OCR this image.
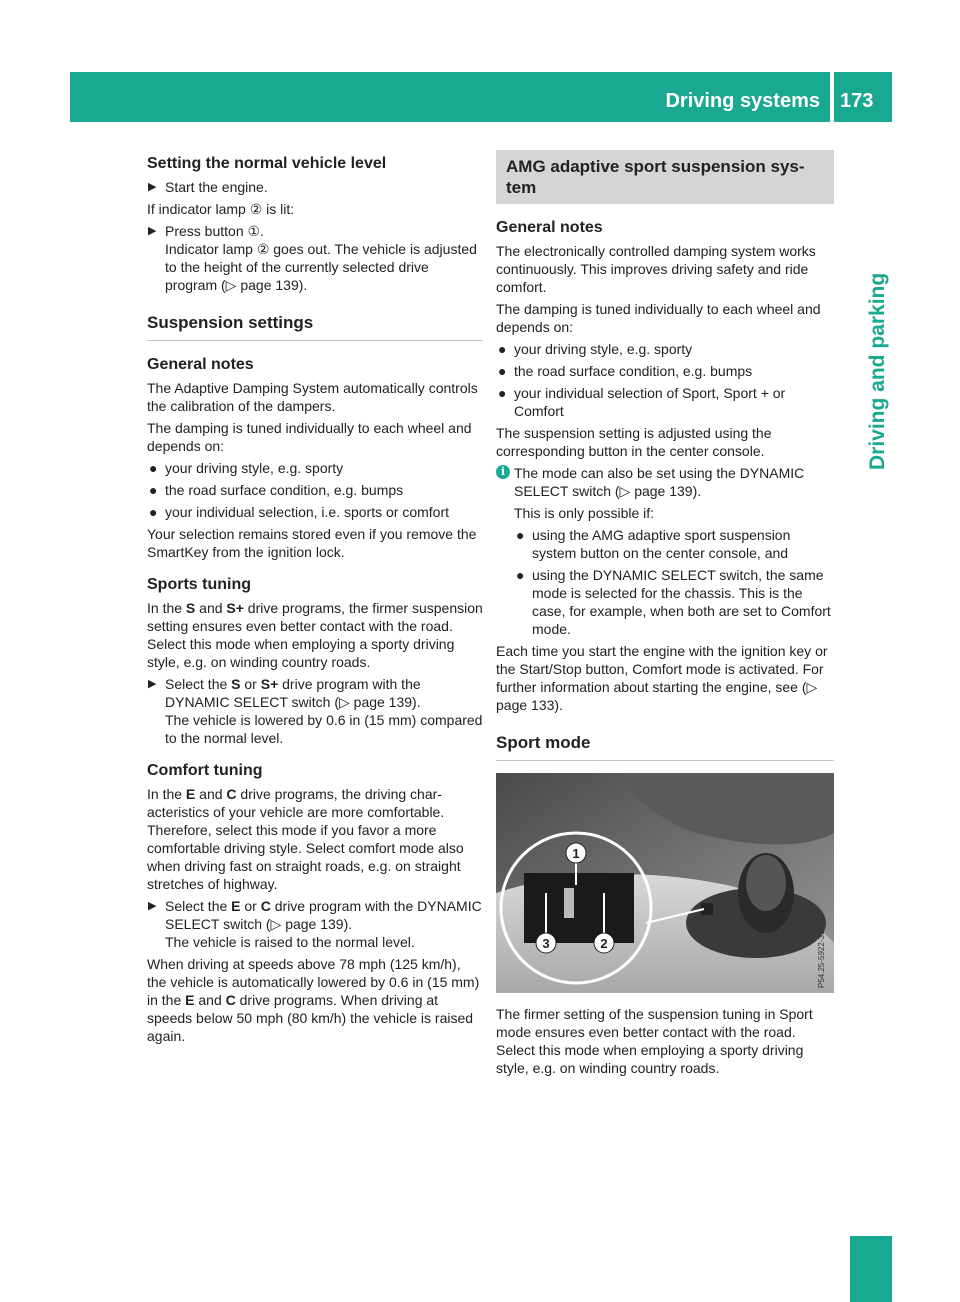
Driving systems 173
Driving and parking
Setting the normal vehicle level
▶ Start the engine.

If indicator lamp ② is lit:

▶ Press button ①.
Indicator lamp ② goes out. The vehicle is adjusted to the height of the currently selected drive program (▷ page 139).
Suspension settings
General notes

The Adaptive Damping System automatically controls the calibration of the dampers.

The damping is tuned individually to each wheel and depends on:

● your driving style, e.g. sporty
● the road surface condition, e.g. bumps
● your individual selection, i.e. sports or comfort

Your selection remains stored even if you remove the SmartKey from the ignition lock.

Sports tuning

In the S and S+ drive programs, the firmer suspension setting ensures even better contact with the road. Select this mode when employing a sporty driving style, e.g. on winding country roads.

▶ Select the S or S+ drive program with the DYNAMIC SELECT switch (▷ page 139).
The vehicle is lowered by 0.6 in (15 mm) compared to the normal level.
Comfort tuning

In the E and C drive programs, the driving characteristics of your vehicle are more comfortable. Therefore, select this mode if you favor a more comfortable driving style. Select comfort mode also when driving fast on straight roads, e.g. on straight stretches of highway.

▶ Select the E or C drive program with the DYNAMIC SELECT switch (▷ page 139).
The vehicle is raised to the normal level.

When driving at speeds above 78 mph (125 km/h), the vehicle is automatically lowered by 0.6 in (15 mm) in the E and C drive programs. When driving at speeds below 50 mph (80 km/h) the vehicle is raised again.

AMG adaptive sport suspension system
General notes

The electronically controlled damping system works continuously. This improves driving safety and ride comfort.

The damping is tuned individually to each wheel and depends on:

● your driving style, e.g. sporty
● the road surface condition, e.g. bumps
● your individual selection of Sport, Sport + or Comfort

The suspension setting is adjusted using the corresponding button in the center console.

i The mode can also be set using the DYNAMIC SELECT switch (▷ page 139).

This is only possible if:

● using the AMG adaptive sport suspension system button on the center console, and
● using the DYNAMIC SELECT switch, the same mode is selected for the chassis. This is the case, for example, when both are set to Comfort mode.

Each time you start the engine with the ignition key or the Start/Stop button, Comfort mode is activated. For further information about starting the engine, see (▷ page 133).

Sport mode
1
2
3	P54.25-5922-31

The firmer setting of the suspension tuning in Sport mode ensures even better contact with the road. Select this mode when employing a sporty driving style, e.g. on winding country roads.
